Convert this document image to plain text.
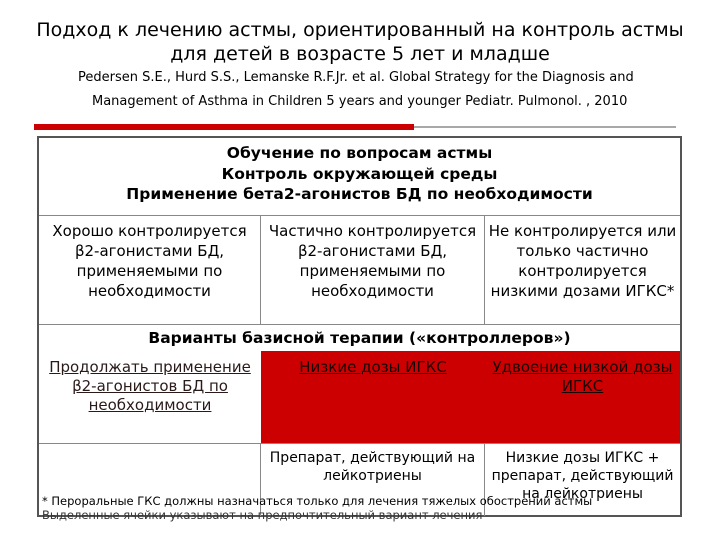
Подход к лечению астмы, ориентированный на контроль астмы
для детей в возрасте 5 лет и младше
Pedersen S.E., Hurd S.S., Lemanske R.F.Jr. et al. Global Strategy for the Diagnosis and
Management of Asthma in Children 5 years and younger Pediatr. Pulmonol. , 2010
Обучение по вопросам астмы
Контроль окружающей среды
Применение бета2-агонистов БД по необходимости
Хорошо контролируется β2-агонистами БД, применяемыми по необходимости
Частично контролируется β2-агонистами БД, применяемыми по необходимости
Не контролируется или только частично контролируется низкими дозами ИГКС*
Варианты базисной терапии («контроллеров»)
Продолжать применение β2-агонистов БД по необходимости
Низкие дозы ИГКС	Удвоение низкой дозы ИГКС
Препарат, действующий на лейкотриены
Низкие дозы ИГКС + препарат, действующий на лейкотриены
* Пероральные ГКС должны назначаться только для лечения тяжелых обострений астмы
Выделенные ячейки указывают на предпочтительный вариант лечения
